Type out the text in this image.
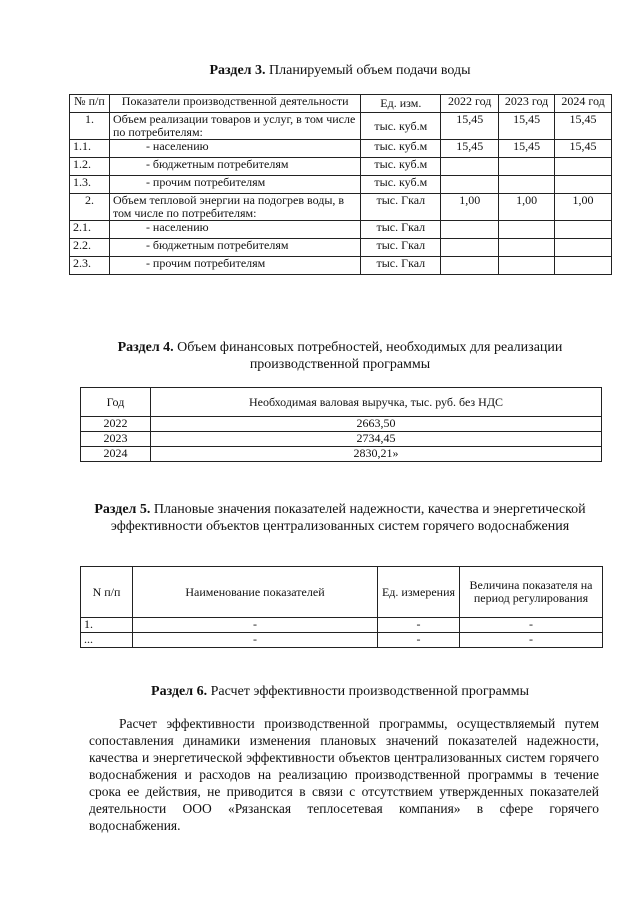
Раздел 3. Планируемый объем подачи воды
№ п/п	Показатели производственной деятельности	Ед. изм.	2022 год	2023 год	2024 год
1.	Объем реализации товаров и услуг, в том числе по потребителям:	тыс. куб.м	15,45	15,45	15,45
1.1.	- населению	тыс. куб.м	15,45	15,45	15,45
1.2.	- бюджетным потребителям	тыс. куб.м			
1.3.	- прочим потребителям	тыс. куб.м			
2.	Объем тепловой энергии на подогрев воды, в том числе по потребителям:	тыс. Гкал	1,00	1,00	1,00
2.1.	- населению	тыс. Гкал			
2.2.	- бюджетным потребителям	тыс. Гкал			
2.3.	- прочим потребителям	тыс. Гкал			
Раздел 4. Объем финансовых потребностей, необходимых для реализации производственной программы
Год	Необходимая валовая выручка, тыс. руб. без НДС
2022	2663,50
2023	2734,45
2024	2830,21»
Раздел 5. Плановые значения показателей надежности, качества и энергетической эффективности объектов централизованных систем горячего водоснабжения
N п/п	Наименование показателей	Ед. измерения	Величина показателя на период регулирования
1.	-	-	-
...	-	-	-
Раздел 6. Расчет эффективности производственной программы
Расчет эффективности производственной программы, осуществляемый путем сопоставления динамики изменения плановых значений показателей надежности, качества и энергетической эффективности объектов централизованных систем горячего водоснабжения и расходов на реализацию производственной программы в течение срока ее действия, не приводится в связи с отсутствием утвержденных показателей деятельности ООО «Рязанская теплосетевая компания» в сфере горячего водоснабжения.
